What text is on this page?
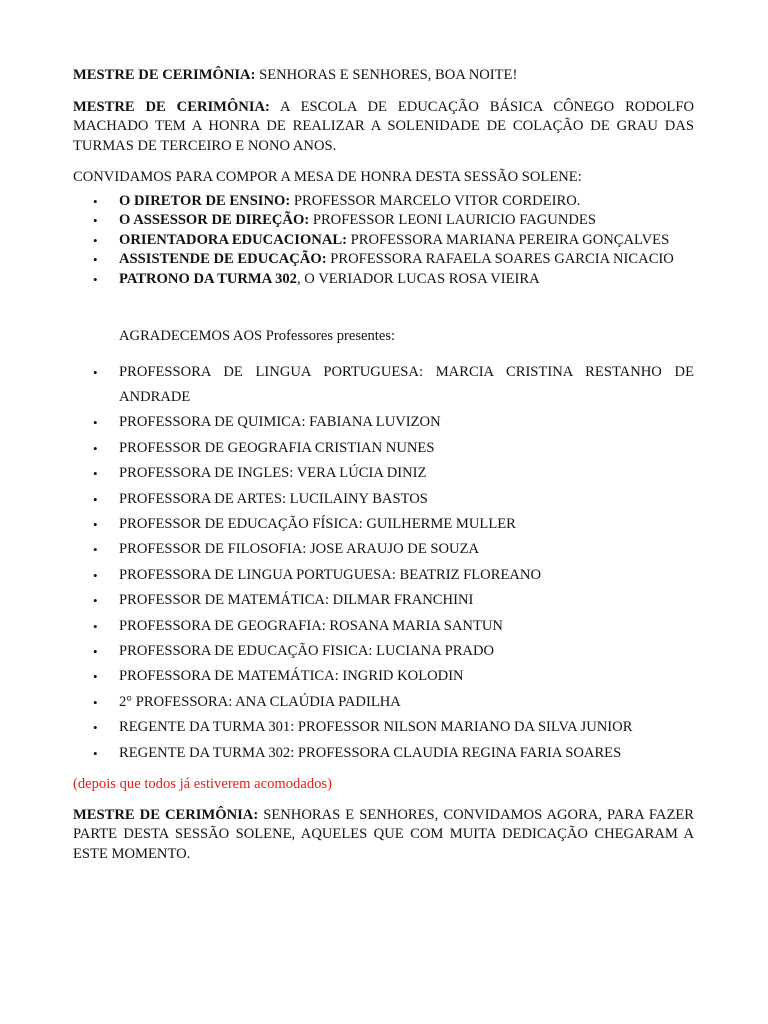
MESTRE DE CERIMÔNIA: SENHORAS E SENHORES, BOA NOITE!

MESTRE DE CERIMÔNIA: A ESCOLA DE EDUCAÇÃO BÁSICA CÔNEGO RODOLFO MACHADO TEM A HONRA DE REALIZAR A SOLENIDADE DE COLAÇÃO DE GRAU DAS TURMAS DE TERCEIRO E NONO ANOS.

CONVIDAMOS PARA COMPOR A MESA DE HONRA DESTA SESSÃO SOLENE:

• O DIRETOR DE ENSINO: PROFESSOR MARCELO VITOR CORDEIRO.
• O ASSESSOR DE DIREÇÃO: PROFESSOR LEONI LAURICIO FAGUNDES
• ORIENTADORA EDUCACIONAL: PROFESSORA MARIANA PEREIRA GONÇALVES
• ASSISTENDE DE EDUCAÇÃO: PROFESSORA RAFAELA SOARES GARCIA NICACIO
• PATRONO DA TURMA 302, O VERIADOR LUCAS ROSA VIEIRA

AGRADECEMOS AOS Professores presentes:

• PROFESSORA DE LINGUA PORTUGUESA: MARCIA CRISTINA RESTANHO DE ANDRADE
• PROFESSORA DE QUIMICA: FABIANA LUVIZON
• PROFESSOR DE GEOGRAFIA CRISTIAN NUNES
• PROFESSORA DE INGLES: VERA LÚCIA DINIZ
• PROFESSORA DE ARTES: LUCILAINY BASTOS
• PROFESSOR DE EDUCAÇÃO FÍSICA: GUILHERME MULLER
• PROFESSOR DE FILOSOFIA: JOSE ARAUJO DE SOUZA
• PROFESSORA DE LINGUA PORTUGUESA: BEATRIZ FLOREANO
• PROFESSOR DE MATEMÁTICA: DILMAR FRANCHINI
• PROFESSORA DE GEOGRAFIA: ROSANA MARIA SANTUN
• PROFESSORA DE EDUCAÇÃO FISICA: LUCIANA PRADO
• PROFESSORA DE MATEMÁTICA: INGRID KOLODIN
• 2° PROFESSORA: ANA CLAÚDIA PADILHA
• REGENTE DA TURMA 301: PROFESSOR NILSON MARIANO DA SILVA JUNIOR
• REGENTE DA TURMA 302: PROFESSORA CLAUDIA REGINA FARIA SOARES

(depois que todos já estiverem acomodados)

MESTRE DE CERIMÔNIA: SENHORAS E SENHORES, CONVIDAMOS AGORA, PARA FAZER PARTE DESTA SESSÃO SOLENE, AQUELES QUE COM MUITA DEDICAÇÃO CHEGARAM A ESTE MOMENTO.
